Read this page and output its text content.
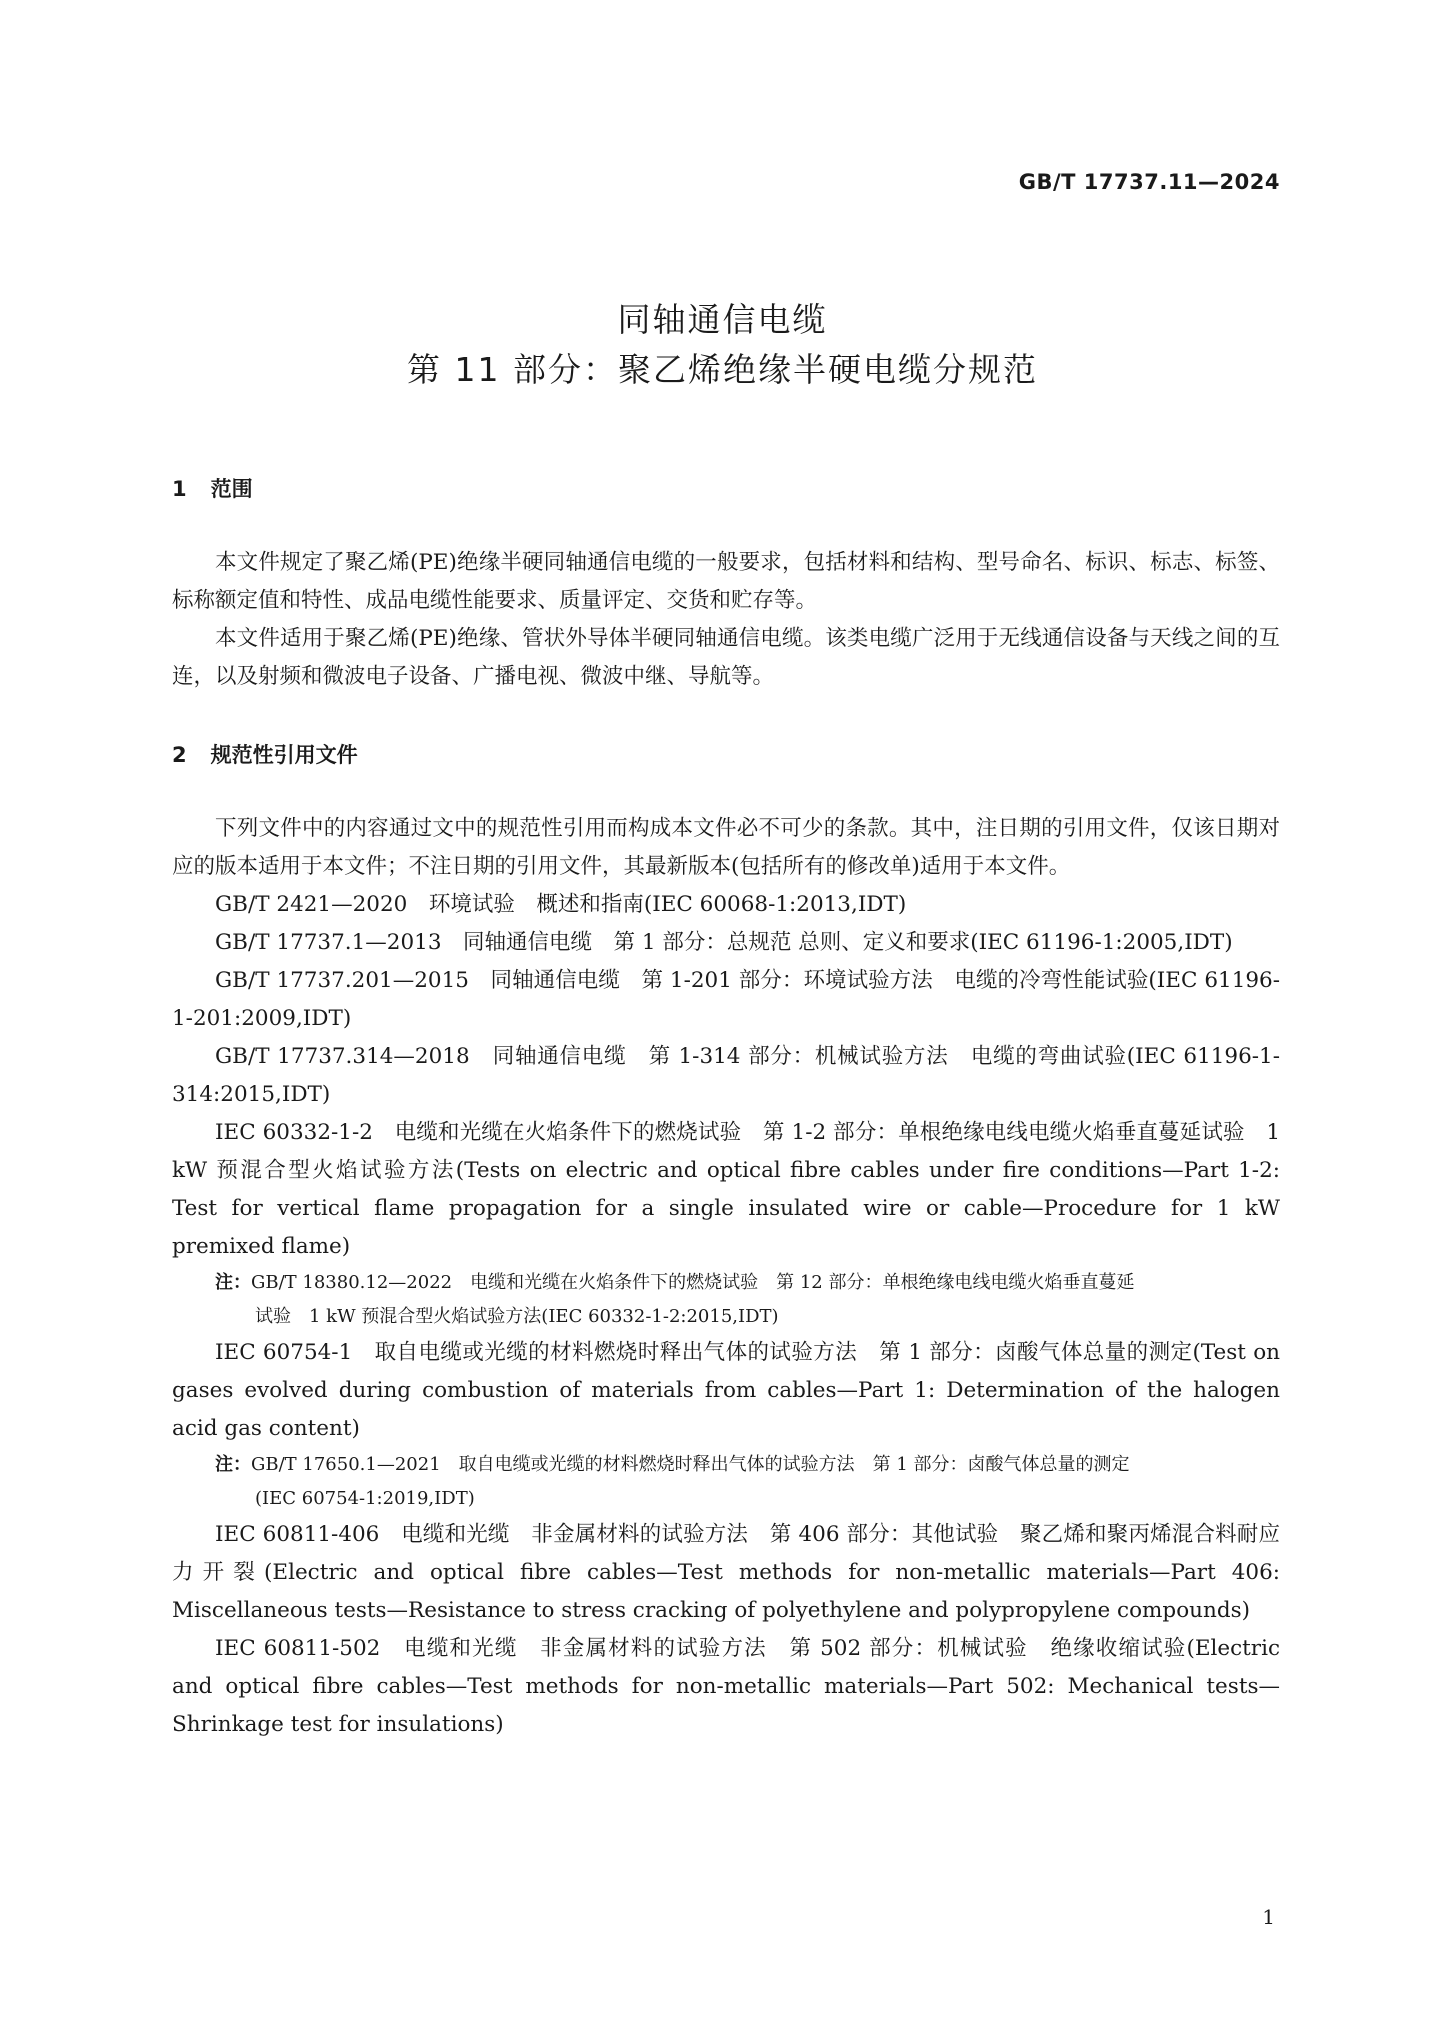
GB/T 17737.11—2024
同轴通信电缆
第 11 部分：聚乙烯绝缘半硬电缆分规范
1 范围

本文件规定了聚乙烯(PE)绝缘半硬同轴通信电缆的一般要求，包括材料和结构、型号命名、标识、标志、标签、标称额定值和特性、成品电缆性能要求、质量评定、交货和贮存等。

本文件适用于聚乙烯(PE)绝缘、管状外导体半硬同轴通信电缆。该类电缆广泛用于无线通信设备与天线之间的互连，以及射频和微波电子设备、广播电视、微波中继、导航等。

2 规范性引用文件

下列文件中的内容通过文中的规范性引用而构成本文件必不可少的条款。其中，注日期的引用文件，仅该日期对应的版本适用于本文件；不注日期的引用文件，其最新版本(包括所有的修改单)适用于本文件。

GB/T 2421—2020　环境试验　概述和指南(IEC 60068-1:2013,IDT)

GB/T 17737.1—2013　同轴通信电缆　第 1 部分：总规范 总则、定义和要求(IEC 61196-1:2005,IDT)

GB/T 17737.201—2015　同轴通信电缆　第 1-201 部分：环境试验方法　电缆的冷弯性能试验(IEC 61196-1-201:2009,IDT)

GB/T 17737.314—2018　同轴通信电缆　第 1-314 部分：机械试验方法　电缆的弯曲试验(IEC 61196-1-314:2015,IDT)

IEC 60332-1-2　电缆和光缆在火焰条件下的燃烧试验　第 1-2 部分：单根绝缘电线电缆火焰垂直蔓延试验　1 kW 预混合型火焰试验方法(Tests on electric and optical fibre cables under fire conditions—Part 1-2: Test for vertical flame propagation for a single insulated wire or cable—Procedure for 1 kW premixed flame)

注：GB/T 18380.12—2022　电缆和光缆在火焰条件下的燃烧试验　第 12 部分：单根绝缘电线电缆火焰垂直蔓延
试验　1 kW 预混合型火焰试验方法(IEC 60332-1-2:2015,IDT)

IEC 60754-1　取自电缆或光缆的材料燃烧时释出气体的试验方法　第 1 部分：卤酸气体总量的测定(Test on gases evolved during combustion of materials from cables—Part 1: Determination of the halogen acid gas content)

注：GB/T 17650.1—2021　取自电缆或光缆的材料燃烧时释出气体的试验方法　第 1 部分：卤酸气体总量的测定
(IEC 60754-1:2019,IDT)

IEC 60811-406　电缆和光缆　非金属材料的试验方法　第 406 部分：其他试验　聚乙烯和聚丙烯混合料耐应力开裂(Electric and optical fibre cables—Test methods for non-metallic materials—Part 406: Miscellaneous tests—Resistance to stress cracking of polyethylene and polypropylene compounds)

IEC 60811-502　电缆和光缆　非金属材料的试验方法　第 502 部分：机械试验　绝缘收缩试验(Electric and optical fibre cables—Test methods for non-metallic materials—Part 502: Mechanical tests—Shrinkage test for insulations)

1
